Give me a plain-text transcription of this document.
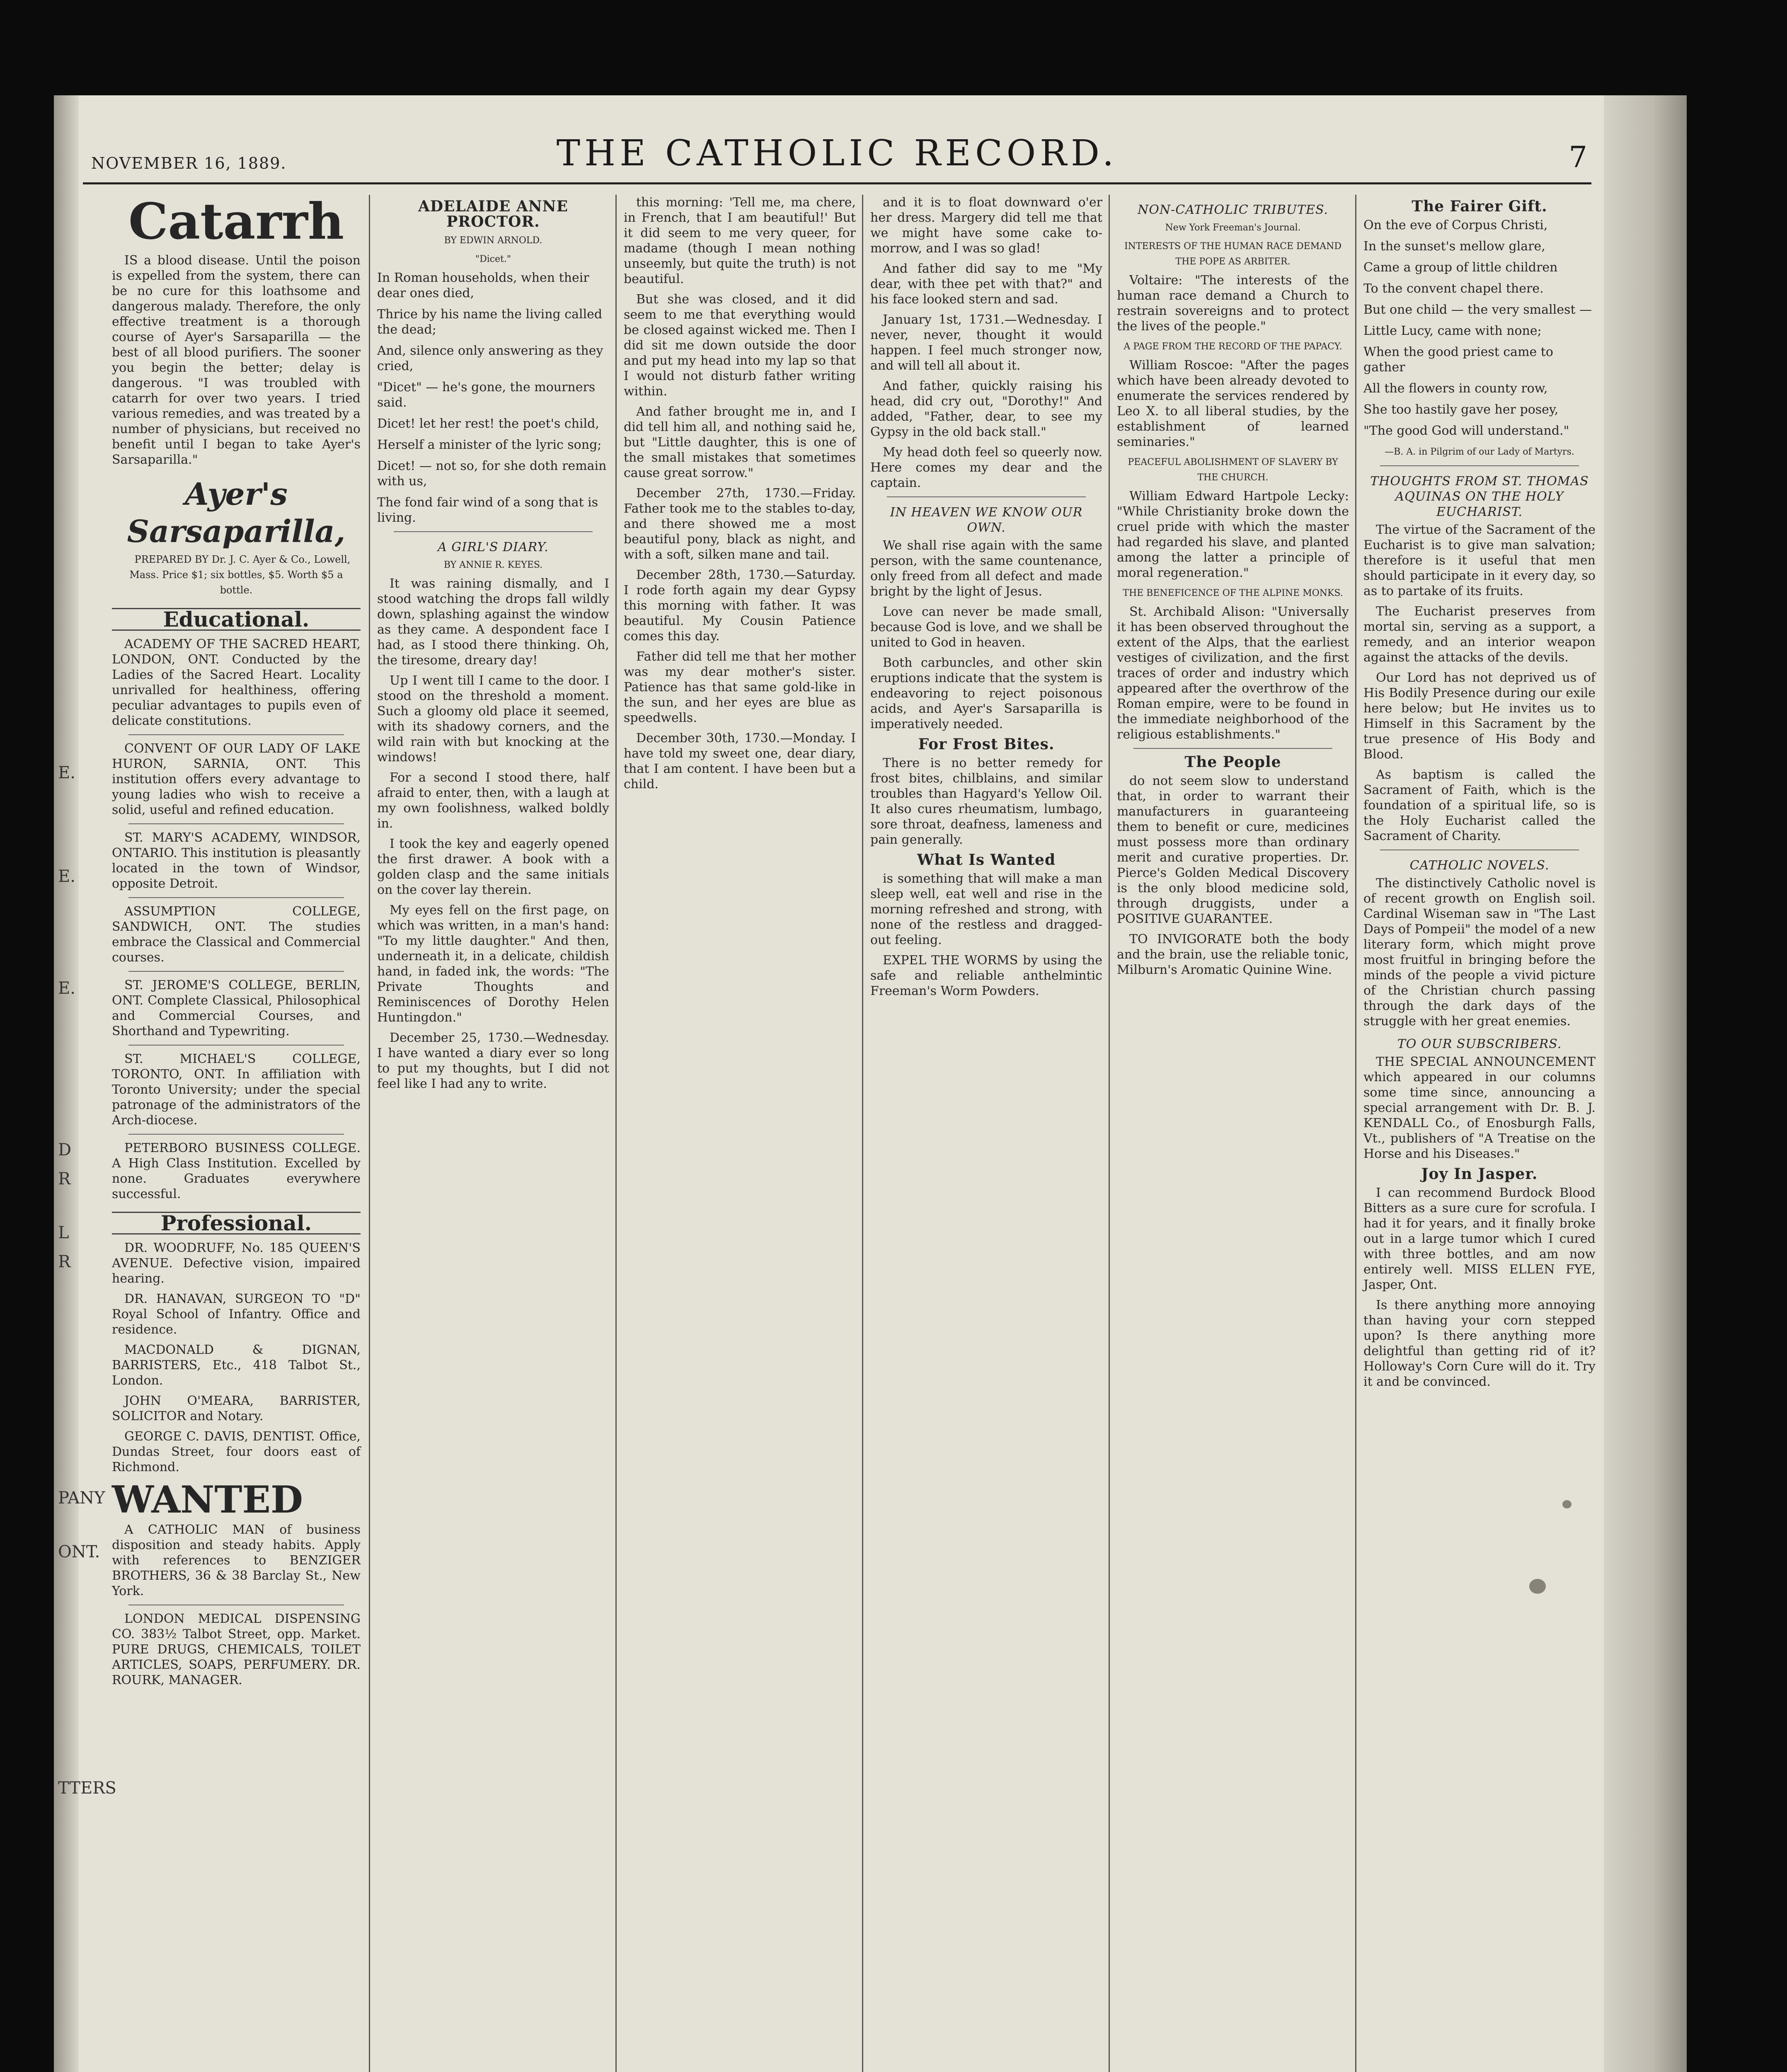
E.
E.
E.
D
R
L
R
PANY
ONT.
TTERS
NOVEMBER 16, 1889.	THE CATHOLIC RECORD.	7
Catarrh

IS a blood disease. Until the poison is expelled from the system, there can be no cure for this loathsome and dangerous malady. Therefore, the only effective treatment is a thorough course of Ayer's Sarsaparilla — the best of all blood purifiers. The sooner you begin the better; delay is dangerous. "I was troubled with catarrh for over two years. I tried various remedies, and was treated by a number of physicians, but received no benefit until I began to take Ayer's Sarsaparilla."

Ayer's Sarsaparilla,

PREPARED BY Dr. J. C. Ayer & Co., Lowell, Mass. Price $1; six bottles, $5. Worth $5 a bottle.

Educational.

ACADEMY OF THE SACRED HEART, LONDON, ONT. Conducted by the Ladies of the Sacred Heart. Locality unrivalled for healthiness, offering peculiar advantages to pupils even of delicate constitutions.

CONVENT OF OUR LADY OF LAKE HURON, SARNIA, ONT. This institution offers every advantage to young ladies who wish to receive a solid, useful and refined education.

ST. MARY'S ACADEMY, WINDSOR, ONTARIO. This institution is pleasantly located in the town of Windsor, opposite Detroit.

ASSUMPTION COLLEGE, SANDWICH, ONT. The studies embrace the Classical and Commercial courses.

ST. JEROME'S COLLEGE, BERLIN, ONT. Complete Classical, Philosophical and Commercial Courses, and Shorthand and Typewriting.

ST. MICHAEL'S COLLEGE, TORONTO, ONT. In affiliation with Toronto University; under the special patronage of the administrators of the Arch-diocese.

PETERBORO BUSINESS COLLEGE. A High Class Institution. Excelled by none. Graduates everywhere successful.

Professional.

DR. WOODRUFF, No. 185 QUEEN'S AVENUE. Defective vision, impaired hearing.

DR. HANAVAN, SURGEON TO "D" Royal School of Infantry. Office and residence.

MACDONALD & DIGNAN, BARRISTERS, Etc., 418 Talbot St., London.

JOHN O'MEARA, BARRISTER, SOLICITOR and Notary.

GEORGE C. DAVIS, DENTIST. Office, Dundas Street, four doors east of Richmond.

WANTED

A CATHOLIC MAN of business disposition and steady habits. Apply with references to BENZIGER BROTHERS, 36 & 38 Barclay St., New York.

LONDON MEDICAL DISPENSING CO. 383½ Talbot Street, opp. Market. PURE DRUGS, CHEMICALS, TOILET ARTICLES, SOAPS, PERFUMERY. DR. ROURK, MANAGER.

ADELAIDE ANNE PROCTOR.
BY EDWIN ARNOLD.
"Dicet."

In Roman households, when their dear ones died,

Thrice by his name the living called the dead;

And, silence only answering as they cried,

"Dicet" — he's gone, the mourners said.

Dicet! let her rest! the poet's child,

Herself a minister of the lyric song;

Dicet! — not so, for she doth remain with us,

The fond fair wind of a song that is living.

A GIRL'S DIARY.
BY ANNIE R. KEYES.

It was raining dismally, and I stood watching the drops fall wildly down, splashing against the window as they came. A despondent face I had, as I stood there thinking. Oh, the tiresome, dreary day!

Up I went till I came to the door. I stood on the threshold a moment. Such a gloomy old place it seemed, with its shadowy corners, and the wild rain with but knocking at the windows!

For a second I stood there, half afraid to enter, then, with a laugh at my own foolishness, walked boldly in.

I took the key and eagerly opened the first drawer. A book with a golden clasp and the same initials on the cover lay therein.

My eyes fell on the first page, on which was written, in a man's hand: "To my little daughter." And then, underneath it, in a delicate, childish hand, in faded ink, the words: "The Private Thoughts and Reminiscences of Dorothy Helen Huntingdon."

December 25, 1730.—Wednesday. I have wanted a diary ever so long to put my thoughts, but I did not feel like I had any to write.

this morning: 'Tell me, ma chere, in French, that I am beautiful!' But it did seem to me very queer, for madame (though I mean nothing unseemly, but quite the truth) is not beautiful.

But she was closed, and it did seem to me that everything would be closed against wicked me. Then I did sit me down outside the door and put my head into my lap so that I would not disturb father writing within.

And father brought me in, and I did tell him all, and nothing said he, but "Little daughter, this is one of the small mistakes that sometimes cause great sorrow."

December 27th, 1730.—Friday. Father took me to the stables to-day, and there showed me a most beautiful pony, black as night, and with a soft, silken mane and tail.

December 28th, 1730.—Saturday. I rode forth again my dear Gypsy this morning with father. It was beautiful. My Cousin Patience comes this day.

Father did tell me that her mother was my dear mother's sister. Patience has that same gold-like in the sun, and her eyes are blue as speedwells.

December 30th, 1730.—Monday. I have told my sweet one, dear diary, that I am content. I have been but a child.

and it is to float downward o'er her dress. Margery did tell me that we might have some cake to-morrow, and I was so glad!

And father did say to me "My dear, with thee pet with that?" and his face looked stern and sad.

January 1st, 1731.—Wednesday. I never, never, thought it would happen. I feel much stronger now, and will tell all about it.

And father, quickly raising his head, did cry out, "Dorothy!" And added, "Father, dear, to see my Gypsy in the old back stall."

My head doth feel so queerly now. Here comes my dear and the captain.

IN HEAVEN WE KNOW OUR OWN.

We shall rise again with the same person, with the same countenance, only freed from all defect and made bright by the light of Jesus.

Love can never be made small, because God is love, and we shall be united to God in heaven.

Both carbuncles, and other skin eruptions indicate that the system is endeavoring to reject poisonous acids, and Ayer's Sarsaparilla is imperatively needed.

For Frost Bites.

There is no better remedy for frost bites, chilblains, and similar troubles than Hagyard's Yellow Oil. It also cures rheumatism, lumbago, sore throat, deafness, lameness and pain generally.

What Is Wanted

is something that will make a man sleep well, eat well and rise in the morning refreshed and strong, with none of the restless and dragged-out feeling.

EXPEL THE WORMS by using the safe and reliable anthelmintic Freeman's Worm Powders.

NON-CATHOLIC TRIBUTES.
New York Freeman's Journal.
INTERESTS OF THE HUMAN RACE DEMAND THE POPE AS ARBITER.

Voltaire: "The interests of the human race demand a Church to restrain sovereigns and to protect the lives of the people."

A PAGE FROM THE RECORD OF THE PAPACY.

William Roscoe: "After the pages which have been already devoted to enumerate the services rendered by Leo X. to all liberal studies, by the establishment of learned seminaries."

PEACEFUL ABOLISHMENT OF SLAVERY BY THE CHURCH.

William Edward Hartpole Lecky: "While Christianity broke down the cruel pride with which the master had regarded his slave, and planted among the latter a principle of moral regeneration."

THE BENEFICENCE OF THE ALPINE MONKS.

St. Archibald Alison: "Universally it has been observed throughout the extent of the Alps, that the earliest vestiges of civilization, and the first traces of order and industry which appeared after the overthrow of the Roman empire, were to be found in the immediate neighborhood of the religious establishments."

The People

do not seem slow to understand that, in order to warrant their manufacturers in guaranteeing them to benefit or cure, medicines must possess more than ordinary merit and curative properties. Dr. Pierce's Golden Medical Discovery is the only blood medicine sold, through druggists, under a POSITIVE GUARANTEE.

TO INVIGORATE both the body and the brain, use the reliable tonic, Milburn's Aromatic Quinine Wine.

The Fairer Gift.

On the eve of Corpus Christi,

In the sunset's mellow glare,

Came a group of little children

To the convent chapel there.

But one child — the very smallest —

Little Lucy, came with none;

When the good priest came to gather

All the flowers in county row,

She too hastily gave her posey,

"The good God will understand."

—B. A. in Pilgrim of our Lady of Martyrs.
THOUGHTS FROM ST. THOMAS AQUINAS ON THE HOLY EUCHARIST.

The virtue of the Sacrament of the Eucharist is to give man salvation; therefore is it useful that men should participate in it every day, so as to partake of its fruits.

The Eucharist preserves from mortal sin, serving as a support, a remedy, and an interior weapon against the attacks of the devils.

Our Lord has not deprived us of His Bodily Presence during our exile here below; but He invites us to Himself in this Sacrament by the true presence of His Body and Blood.

As baptism is called the Sacrament of Faith, which is the foundation of a spiritual life, so is the Holy Eucharist called the Sacrament of Charity.

CATHOLIC NOVELS.

The distinctively Catholic novel is of recent growth on English soil. Cardinal Wiseman saw in "The Last Days of Pompeii" the model of a new literary form, which might prove most fruitful in bringing before the minds of the people a vivid picture of the Christian church passing through the dark days of the struggle with her great enemies.

TO OUR SUBSCRIBERS.

THE SPECIAL ANNOUNCEMENT which appeared in our columns some time since, announcing a special arrangement with Dr. B. J. KENDALL Co., of Enosburgh Falls, Vt., publishers of "A Treatise on the Horse and his Diseases."

Joy In Jasper.

I can recommend Burdock Blood Bitters as a sure cure for scrofula. I had it for years, and it finally broke out in a large tumor which I cured with three bottles, and am now entirely well. MISS ELLEN FYE, Jasper, Ont.

Is there anything more annoying than having your corn stepped upon? Is there anything more delightful than getting rid of it? Holloway's Corn Cure will do it. Try it and be convinced.
